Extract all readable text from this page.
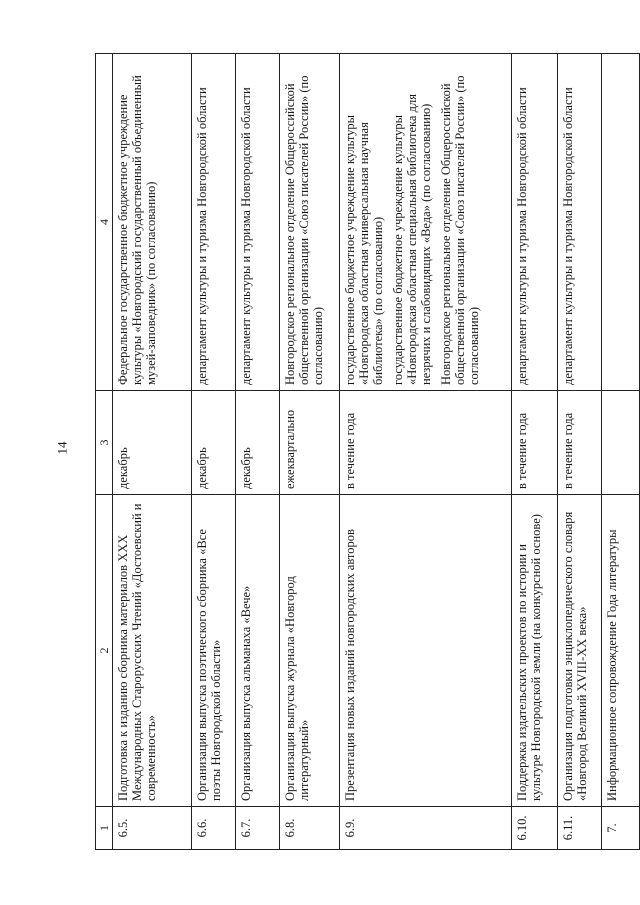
14
1	2	3	4
6.5.	Подготовка к изданию сборника материалов XXX Международных Старорусских Чтений «Достоевский и современность»	декабрь	Федеральное государственное бюджетное учреждение культуры «Новгородский государственный объединенный музей-заповедник» (по согласованию)

6.6.	Организация выпуска поэтического сборника «Все поэты Новгородской области»	декабрь	департамент культуры и туризма Новгородской области

6.7.	Организация выпуска альманаха «Вече»	декабрь	департамент культуры и туризма Новгородской области

6.8.	Организация выпуска журнала «Новгород литературный»	ежеквартально	Новгородское региональное отделение Общероссийской общественной организации «Союз писателей России» (по согласованию)

6.9.	Презентация новых изданий новгородских авторов	в течение года	государственное бюджетное учреждение культуры «Новгородская областная универсальная научная библиотека» (по согласованию) государственное бюджетное учреждение культуры «Новгородская областная специальная библиотека для незрячих и слабовидящих «Веда» (по согласованию) Новгородское региональное отделение Общероссийской общественной организации «Союз писателей России» (по согласованию)

6.10.	Поддержка издательских проектов по истории и культуре Новгородской земли (на конкурсной основе)	в течение года	департамент культуры и туризма Новгородской области

6.11.	Организация подготовки энциклопедического словаря «Новгород Великий XVIII-XX века»	в течение года	департамент культуры и туризма Новгородской области

7.	Информационное сопровождение Года литературы		
